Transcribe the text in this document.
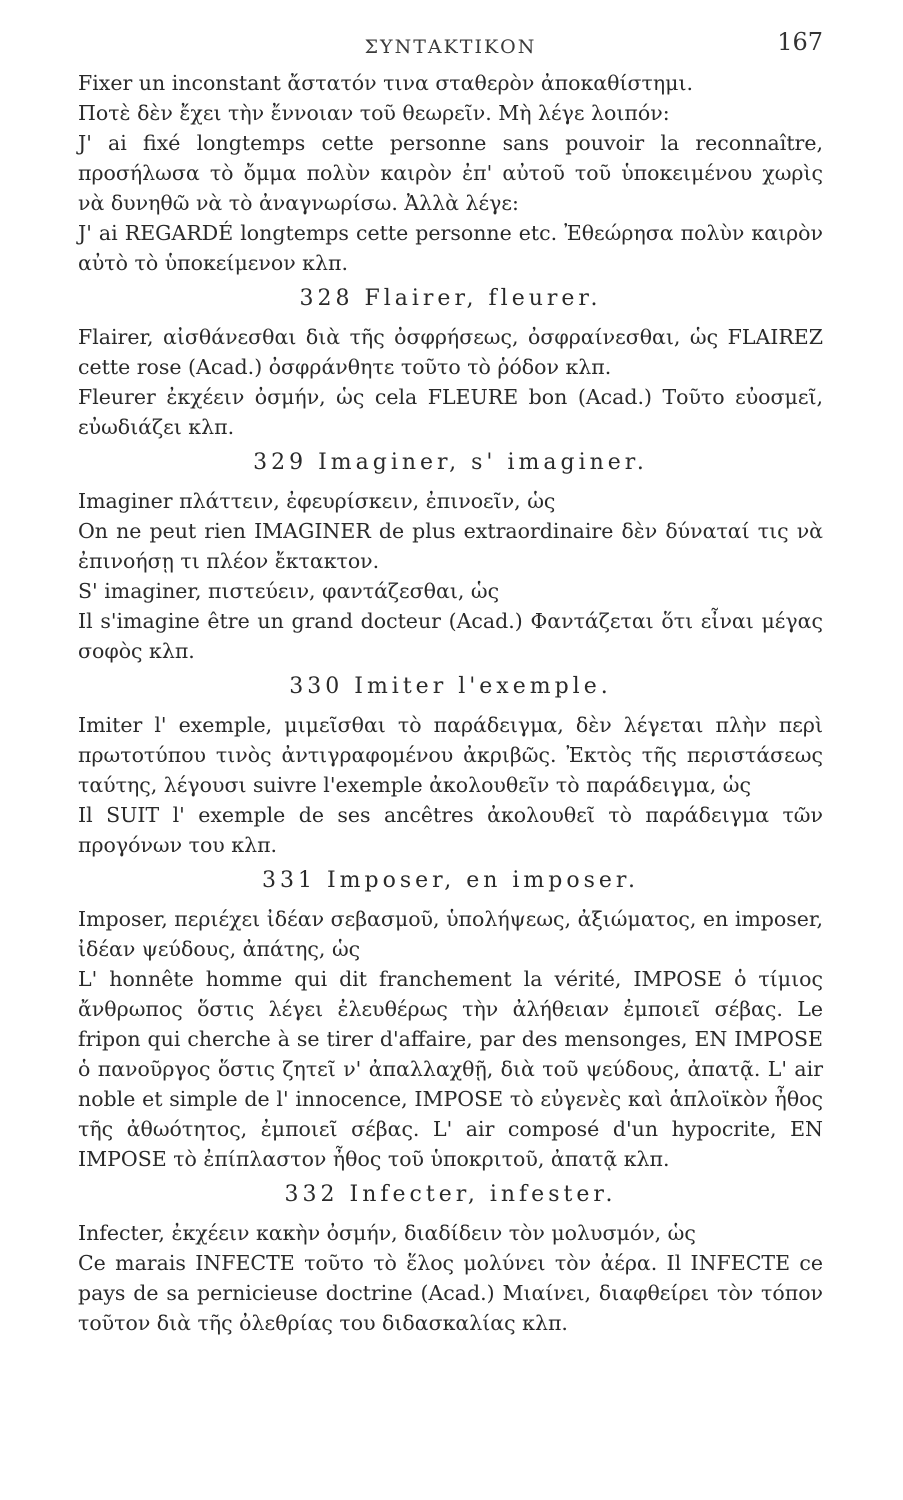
ΣΥΝΤΑΚΤΙΚΟΝ	167

Fixer un inconstant ἄστατόν τινα σταθερὸν ἀποκαθίστημι.

Ποτὲ δὲν ἔχει τὴν ἔννοιαν τοῦ θεωρεῖν. Μὴ λέγε λοιπόν:

J' ai fixé longtemps cette personne sans pouvoir la reconnaître, προσήλωσα τὸ ὄμμα πολὺν καιρὸν ἐπ' αὐτοῦ τοῦ ὑποκειμένου χωρὶς νὰ δυνηθῶ νὰ τὸ ἀναγνωρίσω. Ἀλλὰ λέγε:

J' ai REGARDÉ longtemps cette personne etc. Ἐθεώρησα πολὺν καιρὸν αὐτὸ τὸ ὑποκείμενον κλπ.

328 Flairer, fleurer.

Flairer, αἰσθάνεσθαι διὰ τῆς ὀσφρήσεως, ὀσφραίνεσθαι, ὡς FLAIREZ cette rose (Acad.) ὀσφράνθητε τοῦτο τὸ ῥόδον κλπ.

Fleurer ἐκχέειν ὀσμήν, ὡς cela FLEURE bon (Acad.) Τοῦτο εὐοσμεῖ, εὐωδιάζει κλπ.

329 Imaginer, s' imaginer.

Imaginer πλάττειν, ἐφευρίσκειν, ἐπινοεῖν, ὡς

On ne peut rien IMAGINER de plus extraordinaire δὲν δύναταί τις νὰ ἐπινοήσῃ τι πλέον ἔκτακτον.

S' imaginer, πιστεύειν, φαντάζεσθαι, ὡς

Il s'imagine être un grand docteur (Acad.) Φαντάζεται ὅτι εἶναι μέγας σοφὸς κλπ.

330 Imiter l'exemple.

Imiter l' exemple, μιμεῖσθαι τὸ παράδειγμα, δὲν λέγεται πλὴν περὶ πρωτοτύπου τινὸς ἀντιγραφομένου ἀκριβῶς. Ἐκτὸς τῆς περιστάσεως ταύτης, λέγουσι suivre l'exemple ἀκολουθεῖν τὸ παράδειγμα, ὡς

Il SUIT l' exemple de ses ancêtres ἀκολουθεῖ τὸ παράδειγμα τῶν προγόνων του κλπ.

331 Imposer, en imposer.

Imposer, περιέχει ἰδέαν σεβασμοῦ, ὑπολήψεως, ἀξιώματος, en imposer, ἰδέαν ψεύδους, ἀπάτης, ὡς

L' honnête homme qui dit franchement la vérité, IMPOSE ὁ τίμιος ἄνθρωπος ὅστις λέγει ἐλευθέρως τὴν ἀλήθειαν ἐμποιεῖ σέβας. Le fripon qui cherche à se tirer d'affaire, par des mensonges, EN IMPOSE ὁ πανοῦργος ὅστις ζητεῖ ν' ἀπαλλαχθῇ, διὰ τοῦ ψεύδους, ἀπατᾷ. L' air noble et simple de l' innocence, IMPOSE τὸ εὐγενὲς καὶ ἁπλοϊκὸν ἦθος τῆς ἀθωότητος, ἐμποιεῖ σέβας. L' air composé d'un hypocrite, EN IMPOSE τὸ ἐπίπλαστον ἦθος τοῦ ὑποκριτοῦ, ἀπατᾷ κλπ.

332 Infecter, infester.

Infecter, ἐκχέειν κακὴν ὀσμήν, διαδίδειν τὸν μολυσμόν, ὡς

Ce marais INFECTE τοῦτο τὸ ἕλος μολύνει τὸν ἀέρα. Il INFECTE ce pays de sa pernicieuse doctrine (Acad.) Μιαίνει, διαφθείρει τὸν τόπον τοῦτον διὰ τῆς ὀλεθρίας του διδασκαλίας κλπ.
